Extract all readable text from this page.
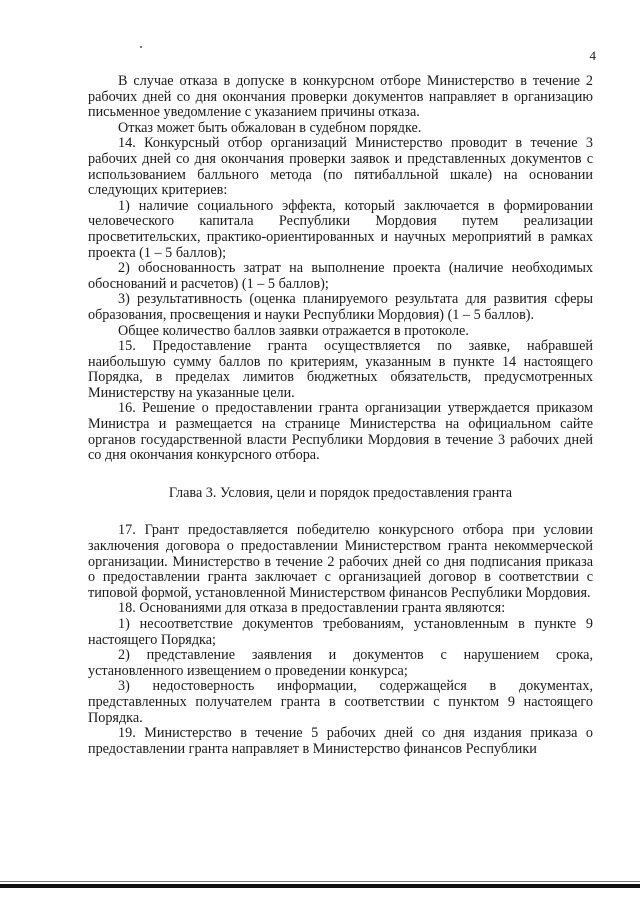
4

В случае отказа в допуске в конкурсном отборе Министерство в течение 2 рабочих дней со дня окончания проверки документов направляет в организацию письменное уведомление с указанием причины отказа.

Отказ может быть обжалован в судебном порядке.

14. Конкурсный отбор организаций Министерство проводит в течение 3 рабочих дней со дня окончания проверки заявок и представленных документов с использованием балльного метода (по пятибалльной шкале) на основании следующих критериев:

1) наличие социального эффекта, который заключается в формировании человеческого капитала Республики Мордовия путем реализации просветительских, практико-ориентированных и научных мероприятий в рамках проекта (1 – 5 баллов);

2) обоснованность затрат на выполнение проекта (наличие необходимых обоснований и расчетов) (1 – 5 баллов);

3) результативность (оценка планируемого результата для развития сферы образования, просвещения и науки Республики Мордовия) (1 – 5 баллов).

Общее количество баллов заявки отражается в протоколе.

15. Предоставление гранта осуществляется по заявке, набравшей наибольшую сумму баллов по критериям, указанным в пункте 14 настоящего Порядка, в пределах лимитов бюджетных обязательств, предусмотренных Министерству на указанные цели.

16. Решение о предоставлении гранта организации утверждается приказом Министра и размещается на странице Министерства на официальном сайте органов государственной власти Республики Мордовия в течение 3 рабочих дней со дня окончания конкурсного отбора.

Глава 3. Условия, цели и порядок предоставления гранта

17. Грант предоставляется победителю конкурсного отбора при условии заключения договора о предоставлении Министерством гранта некоммерческой организации. Министерство в течение 2 рабочих дней со дня подписания приказа о предоставлении гранта заключает с организацией договор в соответствии с типовой формой, установленной Министерством финансов Республики Мордовия.

18. Основаниями для отказа в предоставлении гранта являются:

1) несоответствие документов требованиям, установленным в пункте 9 настоящего Порядка;

2) представление заявления и документов с нарушением срока, установленного извещением о проведении конкурса;

3) недостоверность информации, содержащейся в документах, представленных получателем гранта в соответствии с пунктом 9 настоящего Порядка.

19. Министерство в течение 5 рабочих дней со дня издания приказа о предоставлении гранта направляет в Министерство финансов Республики
